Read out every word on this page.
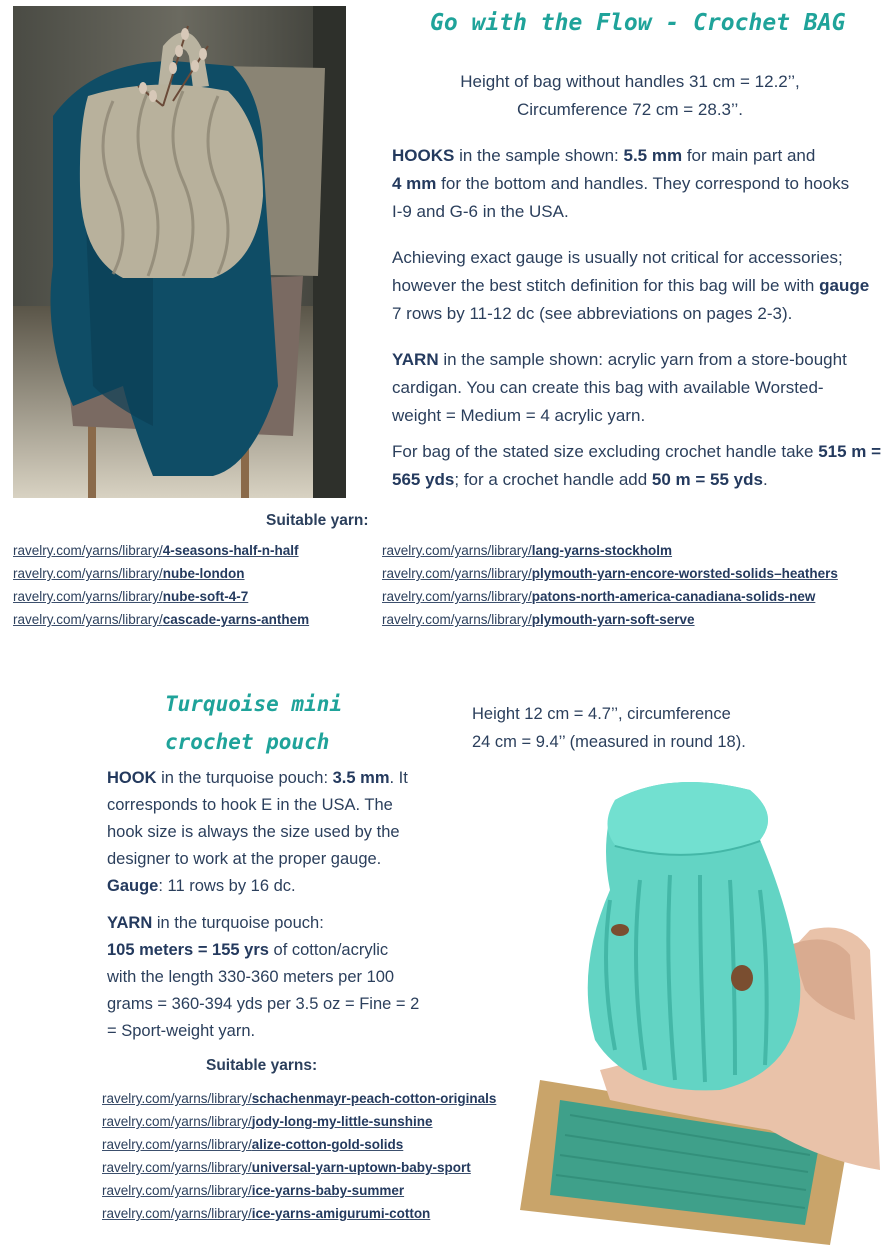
Go with the Flow - Crochet BAG
Height of bag without handles 31 cm = 12.2’’,
Circumference 72 cm = 28.3’’.
HOOKS in the sample shown: 5.5 mm for main part and
4 mm for the bottom and handles. They correspond to hooks I-9 and G-6 in the USA.
Achieving exact gauge is usually not critical for accessories; however the best stitch definition for this bag will be with gauge 7 rows by 11-12 dc (see abbreviations on pages 2-3).
YARN in the sample shown: acrylic yarn from a store-bought cardigan. You can create this bag with available Worsted-weight = Medium = 4 acrylic yarn.
For bag of the stated size excluding crochet handle take 515 m = 565 yds; for a crochet handle add 50 m = 55 yds.
Suitable yarn:
ravelry.com/yarns/library/4-seasons-half-n-half
ravelry.com/yarns/library/nube-london
ravelry.com/yarns/library/nube-soft-4-7
ravelry.com/yarns/library/cascade-yarns-anthem
ravelry.com/yarns/library/lang-yarns-stockholm
ravelry.com/yarns/library/plymouth-yarn-encore-worsted-solids–heathers
ravelry.com/yarns/library/patons-north-america-canadiana-solids-new
ravelry.com/yarns/library/plymouth-yarn-soft-serve
Turquoise mini
crochet pouch
Height 12 cm = 4.7’’, circumference
24 cm = 9.4’’ (measured in round 18).
HOOK in the turquoise pouch: 3.5 mm. It corresponds to hook E in the USA. The hook size is always the size used by the designer to work at the proper gauge. Gauge: 11 rows by 16 dc.
YARN in the turquoise pouch:
105 meters = 155 yrs of cotton/acrylic with the length 330-360 meters per 100 grams = 360-394 yds per 3.5 oz = Fine = 2 = Sport-weight yarn.
Suitable yarns:
ravelry.com/yarns/library/schachenmayr-peach-cotton-originals
ravelry.com/yarns/library/jody-long-my-little-sunshine
ravelry.com/yarns/library/alize-cotton-gold-solids
ravelry.com/yarns/library/universal-yarn-uptown-baby-sport
ravelry.com/yarns/library/ice-yarns-baby-summer
ravelry.com/yarns/library/ice-yarns-amigurumi-cotton
